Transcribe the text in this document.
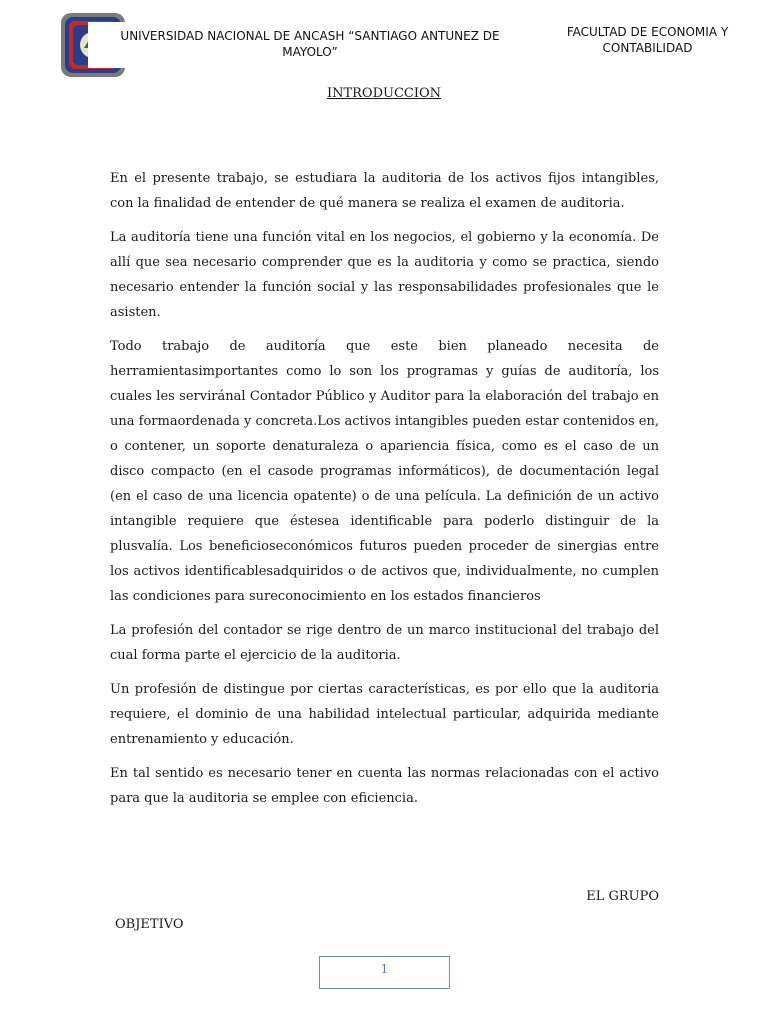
UNIVERSIDAD NACIONAL DE ANCASH “SANTIAGO ANTUNEZ DE MAYOLO”
FACULTAD DE ECONOMIA Y CONTABILIDAD
INTRODUCCION

En el presente trabajo, se estudiara la auditoria de los activos fijos intangibles, con la finalidad de entender de qué manera se realiza el examen de auditoria.

La auditoría tiene una función vital en los negocios, el gobierno y la economía. De allí que sea necesario comprender que es la auditoria y como se practica, siendo necesario entender la función social y las responsabilidades profesionales que le asisten.

Todo trabajo de auditoría que este bien planeado necesita de herramientasimportantes como lo son los programas y guías de auditoría, los cuales les serviránal Contador Público y Auditor para la elaboración del trabajo en una formaordenada y concreta.Los activos intangibles pueden estar contenidos en, o contener, un soporte denaturaleza o apariencia física, como es el caso de un disco compacto (en el casode programas informáticos), de documentación legal (en el caso de una licencia opatente) o de una película. La definición de un activo intangible requiere que éstesea identificable para poderlo distinguir de la plusvalía. Los beneficioseconómicos futuros pueden proceder de sinergias entre los activos identificablesadquiridos o de activos que, individualmente, no cumplen las condiciones para sureconocimiento en los estados financieros

La profesión del contador se rige dentro de un marco institucional del trabajo del cual forma parte el ejercicio de la auditoria.

Un profesión de distingue por ciertas características, es por ello que la auditoria requiere, el dominio de una habilidad intelectual particular, adquirida mediante entrenamiento y educación.

En tal sentido es necesario tener en cuenta las normas relacionadas con el activo para que la auditoria se emplee con eficiencia.

EL GRUPO
OBJETIVO
1
